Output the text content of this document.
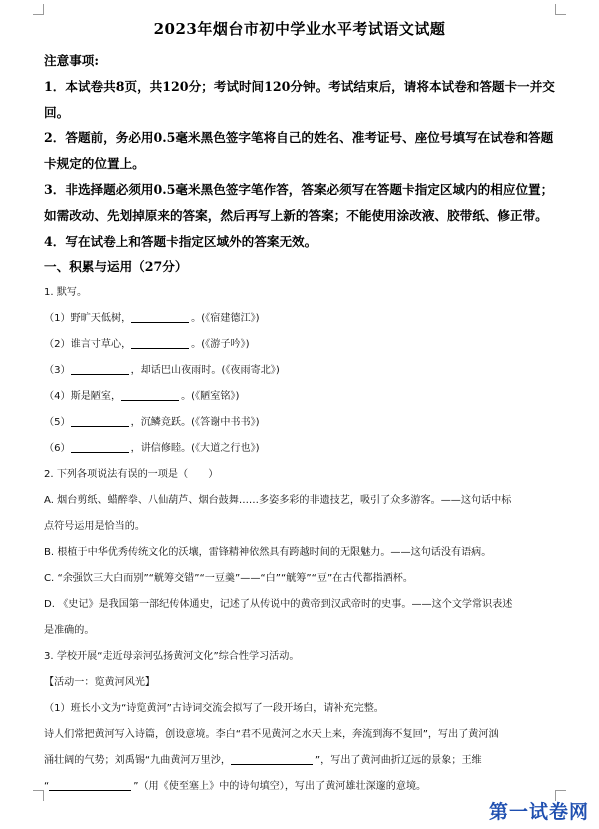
2023年烟台市初中学业水平考试语文试题
注意事项:
1．本试卷共8页，共120分；考试时间120分钟。考试结束后，请将本试卷和答题卡一并交
回。
2．答题前，务必用0.5毫米黑色签字笔将自己的姓名、准考证号、座位号填写在试卷和答题
卡规定的位置上。
3．非选择题必须用0.5毫米黑色签字笔作答，答案必须写在答题卡指定区域内的相应位置；
如需改动、先划掉原来的答案，然后再写上新的答案；不能使用涂改液、胶带纸、修正带。
4．写在试卷上和答题卡指定区域外的答案无效。
一、积累与运用（27分）
1. 默写。
（1）野旷天低树，	。(《宿建德江》)
（2）谁言寸草心，	。(《游子吟》)
（3）	，却话巴山夜雨时。(《夜雨寄北》)
（4）斯是陋室，	。(《陋室铭》)
（5）	，沉鳞竞跃。(《答谢中书书》)
（6）	，讲信修睦。(《大道之行也》)
2. 下列各项说法有误的一项是（　　）
A. 烟台剪纸、蜡醉拳、八仙葫芦、烟台鼓舞……多姿多彩的非遗技艺，吸引了众多游客。——这句话中标
点符号运用是恰当的。
B. 根植于中华优秀传统文化的沃壤，雷锋精神依然具有跨越时间的无限魅力。——这句话没有语病。
C. “余强饮三大白而别”“觥筹交错”“一豆羹”——“白”“觥筹”“豆”在古代都指酒杯。
D. 《史记》是我国第一部纪传体通史，记述了从传说中的黄帝到汉武帝时的史事。——这个文学常识表述
是准确的。
3. 学校开展“走近母亲河弘扬黄河文化”综合性学习活动。
【活动一：览黄河风光】
（1）班长小文为“诗览黄河”古诗词交流会拟写了一段开场白，请补充完整。
诗人们常把黄河写入诗篇，创设意境。李白“君不见黄河之水天上来，奔流到海不复回”，写出了黄河汹
涌壮阔的气势；刘禹锡“九曲黄河万里沙，	”，写出了黄河曲折辽远的景象；王维
“	”（用《使至塞上》中的诗句填空），写出了黄河雄壮深邃的意境。
第一试卷网
